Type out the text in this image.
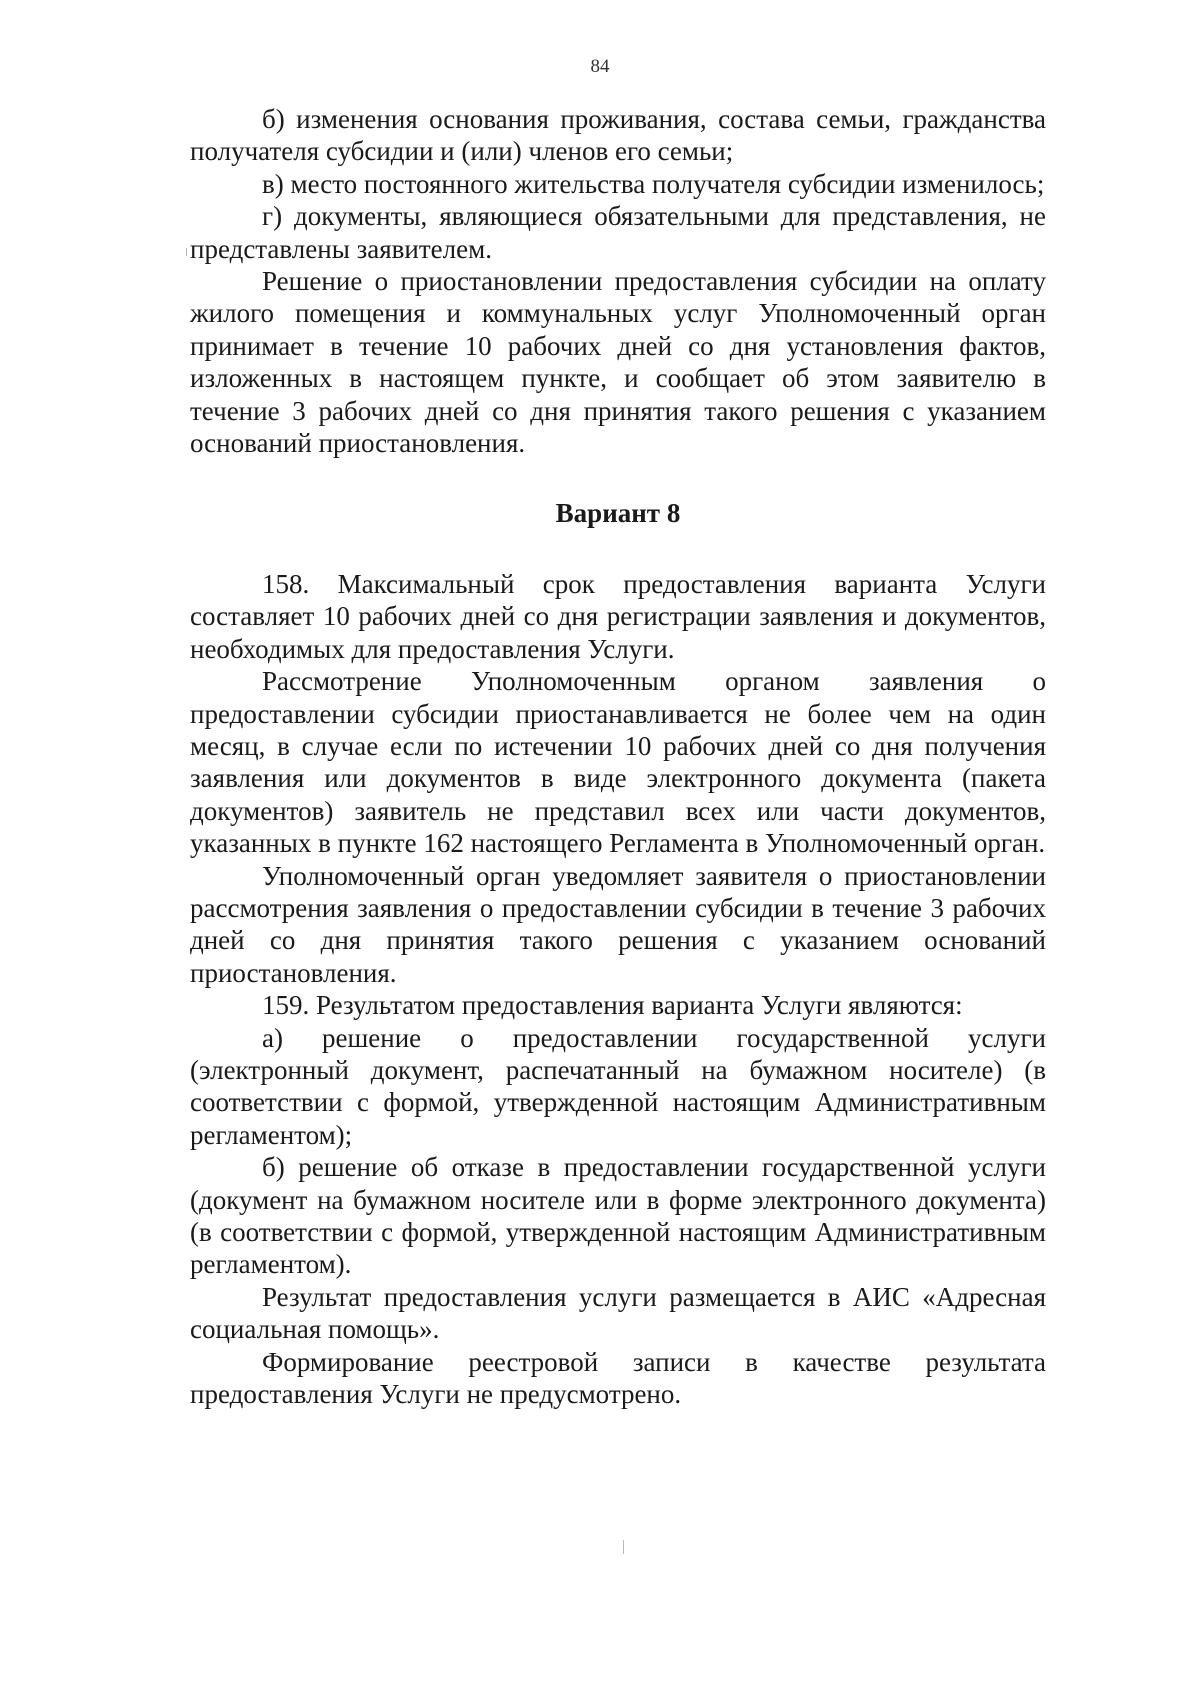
84

б) изменения основания проживания, состава семьи, гражданства получателя субсидии и (или) членов его семьи;

в) место постоянного жительства получателя субсидии изменилось;

г) документы, являющиеся обязательными для представления, не представлены заявителем.

Решение о приостановлении предоставления субсидии на оплату жилого помещения и коммунальных услуг Уполномоченный орган принимает в течение 10 рабочих дней со дня установления фактов, изложенных в настоящем пункте, и сообщает об этом заявителю в течение 3 рабочих дней со дня принятия такого решения с указанием оснований приостановления.

Вариант 8

158. Максимальный срок предоставления варианта Услуги составляет 10 рабочих дней со дня регистрации заявления и документов, необходимых для предоставления Услуги.

Рассмотрение Уполномоченным органом заявления о предоставлении субсидии приостанавливается не более чем на один месяц, в случае если по истечении 10 рабочих дней со дня получения заявления или документов в виде электронного документа (пакета документов) заявитель не представил всех или части документов, указанных в пункте 162 настоящего Регламента в Уполномоченный орган.

Уполномоченный орган уведомляет заявителя о приостановлении рассмотрения заявления о предоставлении субсидии в течение 3 рабочих дней со дня принятия такого решения с указанием оснований приостановления.

159. Результатом предоставления варианта Услуги являются:

а) решение о предоставлении государственной услуги (электронный документ, распечатанный на бумажном носителе) (в соответствии с формой, утвержденной настоящим Административным регламентом);

б) решение об отказе в предоставлении государственной услуги (документ на бумажном носителе или в форме электронного документа) (в соответствии с формой, утвержденной настоящим Административным регламентом).

Результат предоставления услуги размещается в АИС «Адресная социальная помощь».

Формирование реестровой записи в качестве результата предоставления Услуги не предусмотрено.
